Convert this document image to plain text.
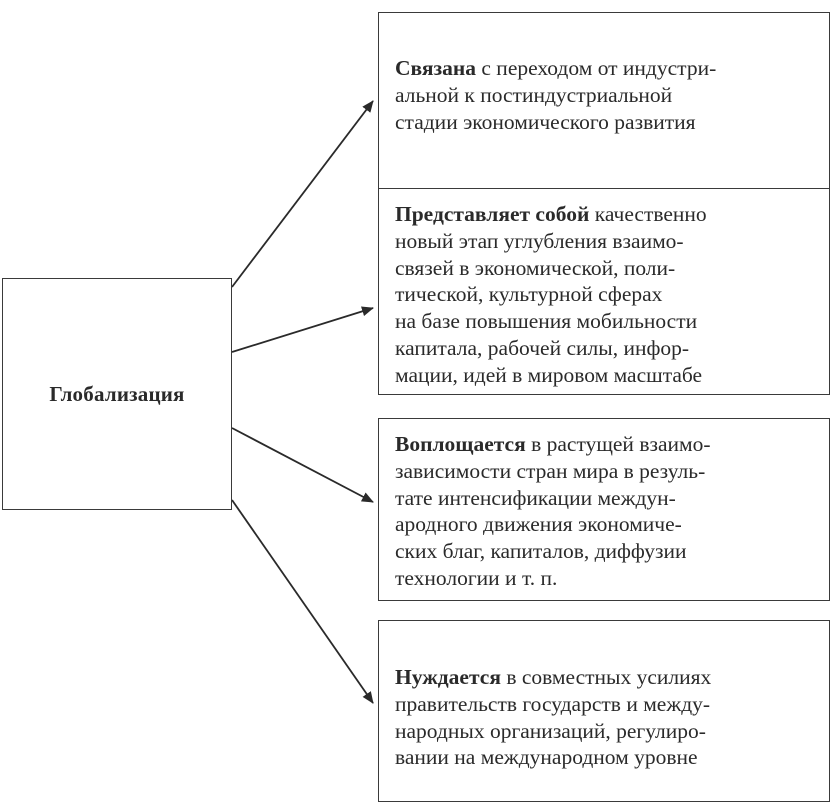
Глобализация
Связана с переходом от индустри-
альной к постиндустриальной
стадии экономического развития
Представляет собой качественно
новый этап углубления взаимо-
связей в экономической, поли-
тической, культурной сферах
на базе повышения мобильности
капитала, рабочей силы, инфор-
мации, идей в мировом масштабе
Воплощается в растущей взаимо-
зависимости стран мира в резуль-
тате интенсификации междун-
ародного движения экономиче-
ских благ, капиталов, диффузии
технологии и т. п.
Нуждается в совместных усилиях
правительств государств и между-
народных организаций, регулиро-
вании на международном уровне
